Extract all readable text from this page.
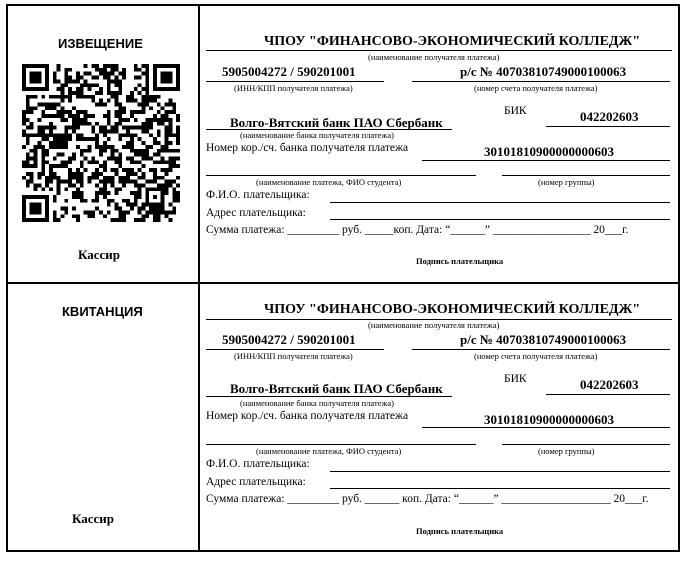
ИЗВЕЩЕНИЕ
Кассир
ЧПОУ "ФИНАНСОВО-ЭКОНОМИЧЕСКИЙ КОЛЛЕДЖ"
(наименование получателя платежа)
5905004272 / 590201001	р/с № 40703810749000100063
(ИНН/КПП получателя платежа)	(номер счета получателя платежа)
Волго-Вятский банк ПАО Сбербанк
БИК	042202603
(наименование банка получателя платежа)
Номер кор./сч. банка получателя платежа	30101810900000000603
(наименование платежа, ФИО студента)	(номер группы)
Ф.И.О. плательщика:
Адрес плательщика:
Сумма платежа: _________ руб. _____коп. Дата: “______” _________________ 20___г.
Подпись плательщика
КВИТАНЦИЯ
Кассир
ЧПОУ "ФИНАНСОВО-ЭКОНОМИЧЕСКИЙ КОЛЛЕДЖ"
(наименование получателя платежа)
5905004272 / 590201001	р/с № 40703810749000100063
(ИНН/КПП получателя платежа)	(номер счета получателя платежа)
Волго-Вятский банк ПАО Сбербанк
БИК	042202603
(наименование банка получателя платежа)
Номер кор./сч. банка получателя платежа	30101810900000000603
(наименование платежа, ФИО студента)	(номер группы)
Ф.И.О. плательщика:
Адрес плательщика:
Сумма платежа: _________ руб. ______ коп. Дата: “______” ___________________ 20___г.
Подпись плательщика
